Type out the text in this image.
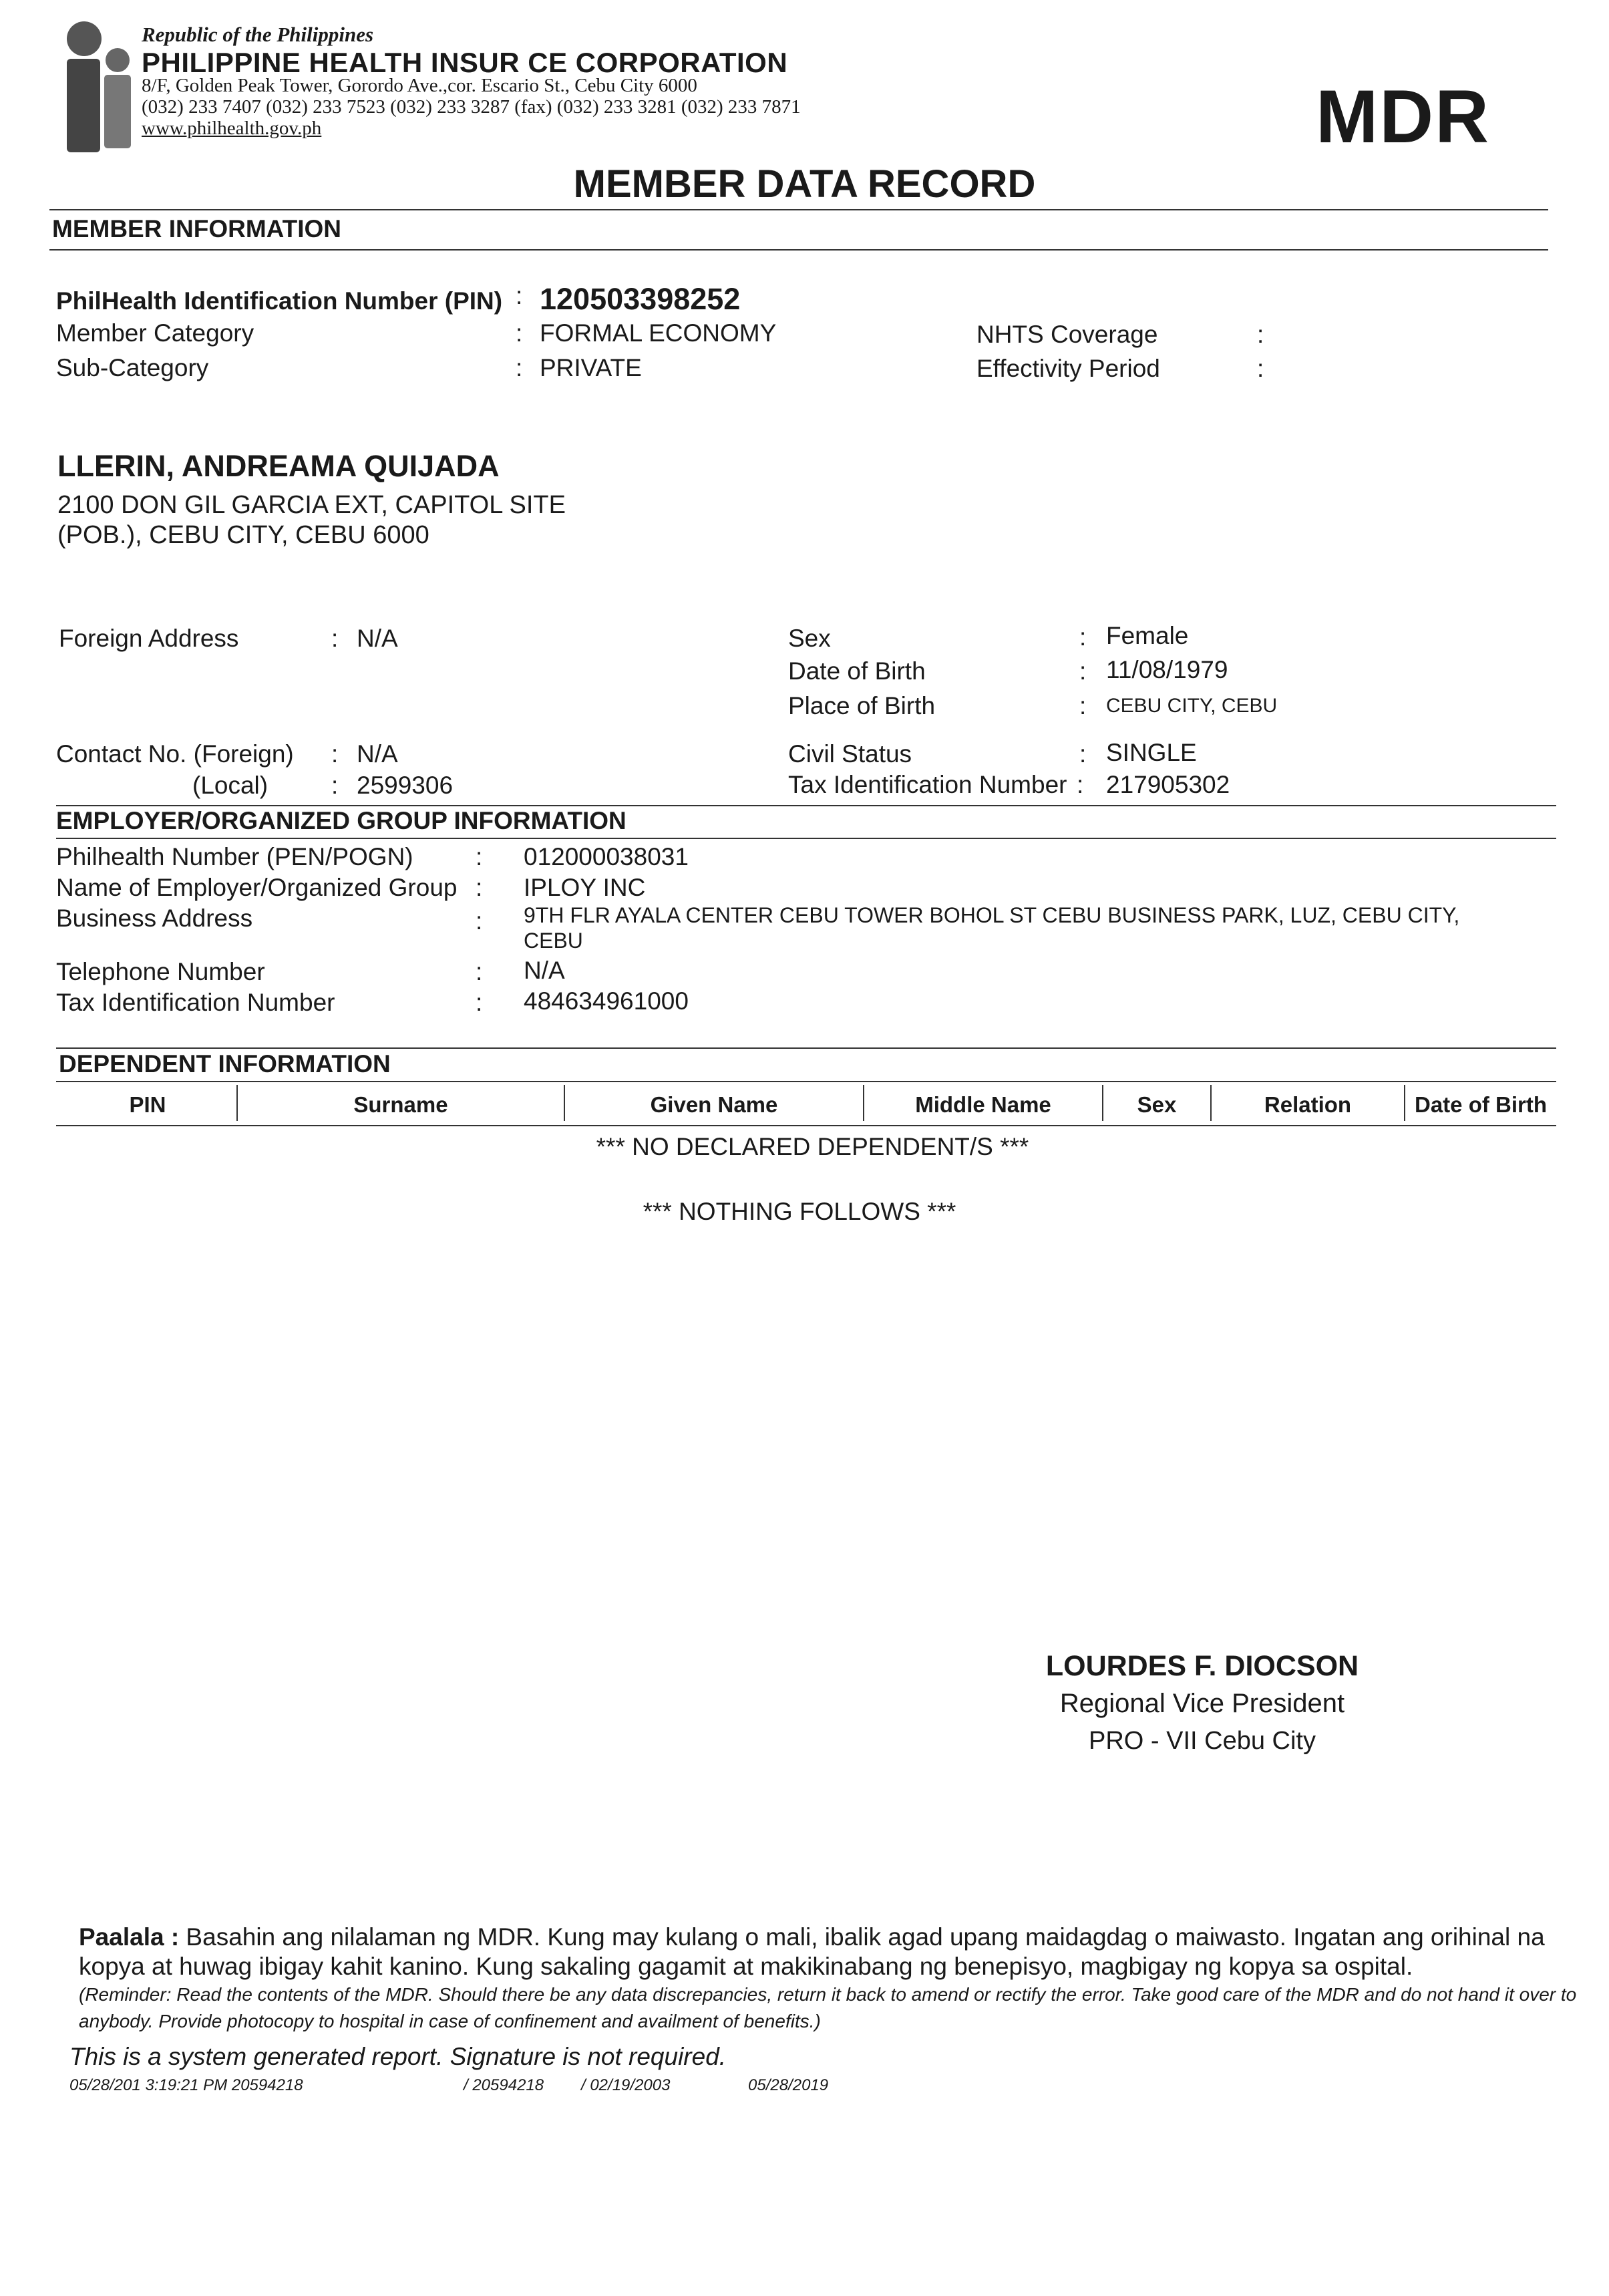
Republic of the Philippines
PHILIPPINE HEALTH INSUR CE CORPORATION
8/F, Golden Peak Tower, Gorordo Ave.,cor. Escario St., Cebu City 6000
(032) 233 7407 (032) 233 7523 (032) 233 3287 (fax) (032) 233 3281 (032) 233 7871
www.philhealth.gov.ph	MDR
MEMBER DATA RECORD
MEMBER INFORMATION
PhilHealth Identification Number (PIN) : 120503398252
Member Category	: FORMAL ECONOMY
Sub-Category	: PRIVATE
NHTS Coverage	:
Effectivity Period	:
LLERIN, ANDREAMA QUIJADA
2100 DON GIL GARCIA EXT, CAPITOL SITE
(POB.), CEBU CITY, CEBU 6000
Foreign Address	: N/A
Contact No. (Foreign) : N/A
(Local)	: 2599306
Sex	: Female
Date of Birth	: 11/08/1979
Place of Birth	: CEBU CITY, CEBU
Civil Status	: SINGLE
Tax Identification Number : 217905302
EMPLOYER/ORGANIZED GROUP INFORMATION
Philhealth Number (PEN/POGN)	: 012000038031
Name of Employer/Organized Group : IPLOY INC
Business Address	: 9TH FLR AYALA CENTER CEBU TOWER BOHOL ST CEBU BUSINESS PARK, LUZ, CEBU CITY,
CEBU
Telephone Number	: N/A
Tax Identification Number	: 484634961000
DEPENDENT INFORMATION
PIN	Surname	Given Name	Middle Name	Sex	Relation	Date of Birth
*** NO DECLARED DEPENDENT/S ***
*** NOTHING FOLLOWS ***
LOURDES F. DIOCSON
Regional Vice President
PRO - VII Cebu City
Paalala : Basahin ang nilalaman ng MDR. Kung may kulang o mali, ibalik agad upang maidagdag o maiwasto. Ingatan ang orihinal na kopya at huwag ibigay kahit kanino. Kung sakaling gagamit at makikinabang ng benepisyo, magbigay ng kopya sa ospital.
(Reminder: Read the contents of the MDR. Should there be any data discrepancies, return it back to amend or rectify the error. Take good care of the MDR and do not hand it over to anybody. Provide photocopy to hospital in case of confinement and availment of benefits.)
This is a system generated report. Signature is not required.
05/28/201 3:19:21 PM 20594218	/ 20594218 / 02/19/2003	05/28/2019
